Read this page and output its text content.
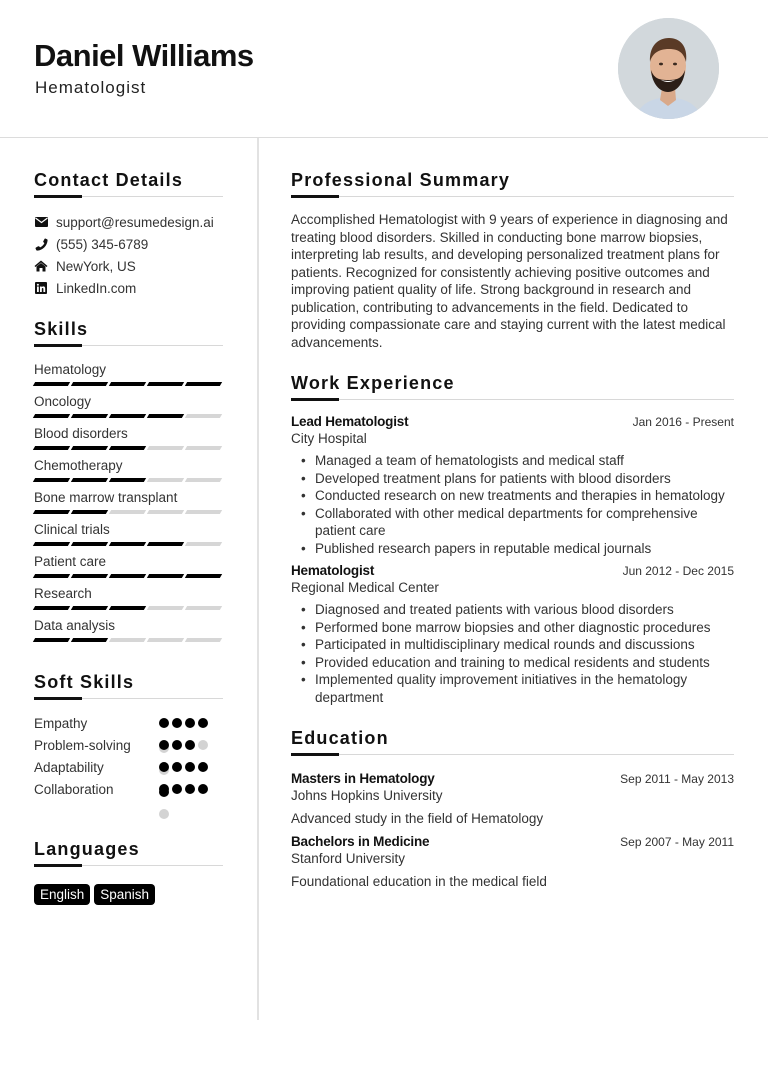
Daniel Williams
Hematologist
Contact Details
support@resumedesign.ai
(555) 345-6789
NewYork, US
LinkedIn.com
Skills
Hematology
Oncology
Blood disorders
Chemotherapy
Bone marrow transplant
Clinical trials
Patient care
Research
Data analysis
Soft Skills
Empathy
Problem-solving
Adaptability
Collaboration
Languages
English	Spanish
Professional Summary

Accomplished Hematologist with 9 years of experience in diagnosing and treating blood disorders. Skilled in conducting bone marrow biopsies, interpreting lab results, and developing personalized treatment plans for patients. Recognized for consistently achieving positive outcomes and improving patient quality of life. Strong background in research and publication, contributing to advancements in the field. Dedicated to providing compassionate care and staying current with the latest medical advancements.

Work Experience
Lead Hematologist	Jan 2016 - Present
City Hospital
• Managed a team of hematologists and medical staff
• Developed treatment plans for patients with blood disorders
• Conducted research on new treatments and therapies in hematology
• Collaborated with other medical departments for comprehensive patient care
• Published research papers in reputable medical journals
Hematologist	Jun 2012 - Dec 2015
Regional Medical Center
• Diagnosed and treated patients with various blood disorders
• Performed bone marrow biopsies and other diagnostic procedures
• Participated in multidisciplinary medical rounds and discussions
• Provided education and training to medical residents and students
• Implemented quality improvement initiatives in the hematology department
Education
Masters in Hematology	Sep 2011 - May 2013
Johns Hopkins University
Advanced study in the field of Hematology
Bachelors in Medicine	Sep 2007 - May 2011
Stanford University
Foundational education in the medical field
